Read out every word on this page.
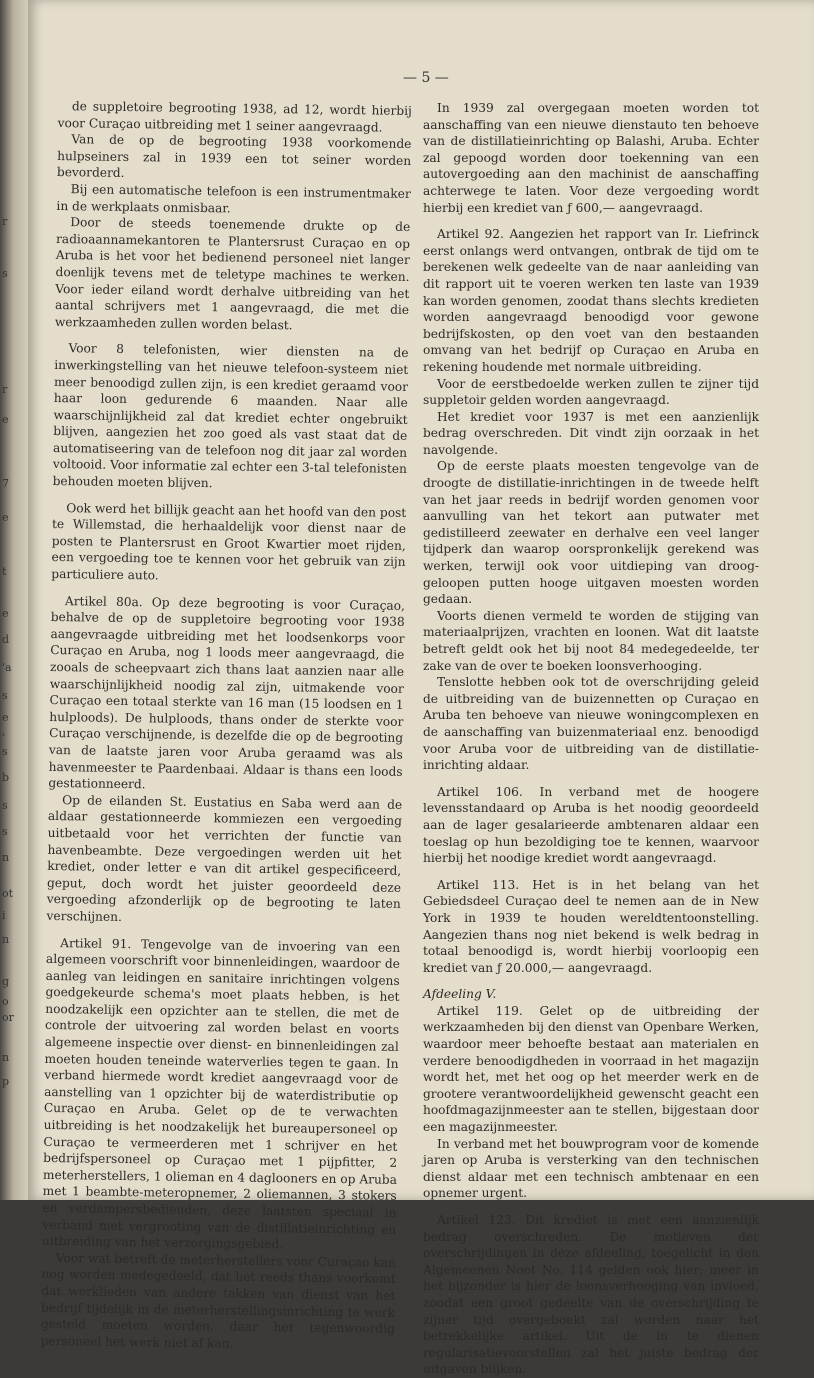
r
s
r
e
7
e
t
e
d
'a
s
e
,
s
b
s
s
n
ot
i
n
g
o
or
n
p
— 5 —

de suppletoire begrooting 1938, ad 12, wordt hierbij voor Curaçao uitbreiding met 1 seiner aangevraagd.

Van de op de begrooting 1938 voorkomende hulpseiners zal in 1939 een tot seiner worden bevorderd.

Bij een automatische telefoon is een instrumentmaker in de werkplaats onmisbaar.

Door de steeds toenemende drukte op de radioaannamekantoren te Plantersrust Curaçao en op Aruba is het voor het bedienend personeel niet langer doenlijk tevens met de teletype machines te werken. Voor ieder eiland wordt derhalve uitbreiding van het aantal schrijvers met 1 aangevraagd, die met die werkzaamheden zullen worden belast.

Voor 8 telefonisten, wier diensten na de inwerkingstelling van het nieuwe telefoon-systeem niet meer benoodigd zullen zijn, is een krediet geraamd voor haar loon gedurende 6 maanden. Naar alle waarschijnlijkheid zal dat krediet echter ongebruikt blijven, aangezien het zoo goed als vast staat dat de automatiseering van de telefoon nog dit jaar zal worden voltooid. Voor informatie zal echter een 3-tal telefonisten behouden moeten blijven.

Ook werd het billijk geacht aan het hoofd van den post te Willemstad, die herhaaldelijk voor dienst naar de posten te Plantersrust en Groot Kwartier moet rijden, een vergoeding toe te kennen voor het gebruik van zijn particuliere auto.

Artikel 80a. Op deze begrooting is voor Curaçao, behalve de op de suppletoire begrooting voor 1938 aangevraagde uitbreiding met het loodsenkorps voor Curaçao en Aruba, nog 1 loods meer aangevraagd, die zooals de scheepvaart zich thans laat aanzien naar alle waarschijnlijkheid noodig zal zijn, uitmakende voor Curaçao een totaal sterkte van 16 man (15 loodsen en 1 hulploods). De hulploods, thans onder de sterkte voor Curaçao verschijnende, is dezelfde die op de begrooting van de laatste jaren voor Aruba geraamd was als havenmeester te Paardenbaai. Aldaar is thans een loods gestationneerd.

Op de eilanden St. Eustatius en Saba werd aan de aldaar gestationneerde kommiezen een vergoeding uitbetaald voor het verrichten der functie van havenbeambte. Deze vergoedingen werden uit het krediet, onder letter e van dit artikel gespecificeerd, geput, doch wordt het juister geoordeeld deze vergoeding afzonderlijk op de begrooting te laten verschijnen.

Artikel 91. Tengevolge van de invoering van een algemeen voorschrift voor binnenleidingen, waardoor de aanleg van leidingen en sanitaire inrichtingen volgens goedgekeurde schema's moet plaats hebben, is het noodzakelijk een opzichter aan te stellen, die met de controle der uitvoering zal worden belast en voorts algemeene inspectie over dienst- en binnenleidingen zal moeten houden teneinde waterverlies tegen te gaan. In verband hiermede wordt krediet aangevraagd voor de aanstelling van 1 opzichter bij de waterdistributie op Curaçao en Aruba. Gelet op de te verwachten uitbreiding is het noodzakelijk het bureaupersoneel op Curaçao te vermeerderen met 1 schrijver en het bedrijfspersoneel op Curaçao met 1 pijpfitter, 2 meterherstellers, 1 olieman en 4 daglooners en op Aruba met 1 beambte-meteropnemer, 2 oliemannen, 3 stokers en verdampersbedienden, deze laatsten speciaal in verband met vergrooting van de distillatieinrichting en uitbreiding van het verzorgingsgebied.

Voor wat betreft de meterherstellers voor Curaçao kan nog worden medegedeeld, dat het reeds thans voorkomt dat werklieden van andere takken van dienst van het bedrijf tijdelijk in de meterherstellingsinrichting te werk gesteld moeten worden, daar het tegenwoordig personeel het werk niet af kan.

In 1939 zal overgegaan moeten worden tot aanschaffing van een nieuwe dienstauto ten behoeve van de distillatieinrichting op Balashi, Aruba. Echter zal gepoogd worden door toekenning van een autovergoeding aan den machinist de aanschaffing achterwege te laten. Voor deze vergoeding wordt hierbij een krediet van ƒ 600,— aangevraagd.

Artikel 92. Aangezien het rapport van Ir. Liefrinck eerst onlangs werd ontvangen, ontbrak de tijd om te berekenen welk gedeelte van de naar aanleiding van dit rapport uit te voeren werken ten laste van 1939 kan worden genomen, zoodat thans slechts kredieten worden aangevraagd benoodigd voor gewone bedrijfskosten, op den voet van den bestaanden omvang van het bedrijf op Curaçao en Aruba en rekening houdende met normale uitbreiding.

Voor de eerstbedoelde werken zullen te zijner tijd suppletoir gelden worden aangevraagd.

Het krediet voor 1937 is met een aanzienlijk bedrag overschreden. Dit vindt zijn oorzaak in het navolgende.

Op de eerste plaats moesten tengevolge van de droogte de distillatie-inrichtingen in de tweede helft van het jaar reeds in bedrijf worden genomen voor aanvulling van het tekort aan putwater met gedistilleerd zeewater en derhalve een veel langer tijdperk dan waarop oorspronkelijk gerekend was werken, terwijl ook voor uitdieping van droog-geloopen putten hooge uitgaven moesten worden gedaan.

Voorts dienen vermeld te worden de stijging van materiaalprijzen, vrachten en loonen. Wat dit laatste betreft geldt ook het bij noot 84 medegedeelde, ter zake van de over te boeken loonsverhooging.

Tenslotte hebben ook tot de overschrijding geleid de uitbreiding van de buizennetten op Curaçao en Aruba ten behoeve van nieuwe woningcomplexen en de aanschaffing van buizenmateriaal enz. benoodigd voor Aruba voor de uitbreiding van de distillatie-inrichting aldaar.

Artikel 106. In verband met de hoogere levensstandaard op Aruba is het noodig geoordeeld aan de lager gesalarieerde ambtenaren aldaar een toeslag op hun bezoldiging toe te kennen, waarvoor hierbij het noodige krediet wordt aangevraagd.

Artikel 113. Het is in het belang van het Gebiedsdeel Curaçao deel te nemen aan de in New York in 1939 te houden wereldtentoonstelling. Aangezien thans nog niet bekend is welk bedrag in totaal benoodigd is, wordt hierbij voorloopig een krediet van ƒ 20.000,— aangevraagd.

Afdeeling V.

Artikel 119. Gelet op de uitbreiding der werkzaamheden bij den dienst van Openbare Werken, waardoor meer behoefte bestaat aan materialen en verdere benoodigdheden in voorraad in het magazijn wordt het, met het oog op het meerder werk en de grootere verantwoordelijkheid gewenscht geacht een hoofdmagazijnmeester aan te stellen, bijgestaan door een magazijnmeester.

In verband met het bouwprogram voor de komende jaren op Aruba is versterking van den technischen dienst aldaar met een technisch ambtenaar en een opnemer urgent.

Artikel 123. Dit krediet is met een aanzienlijk bedrag overschreden. De motieven der overschrijdingen in deze afdeeling, toegelicht in den Algemeenen Noot No. 114 gelden ook hier; meer in het bijzonder is hier de loonsverhooging van invloed, zoodat een groot gedeelte van de overschrijding te zijner tijd overgeboekt zal worden naar het betrekkelijke artikel. Uit de in te dienen regularisatievoorstellen zal het juiste bedrag der uitgaven blijken.
